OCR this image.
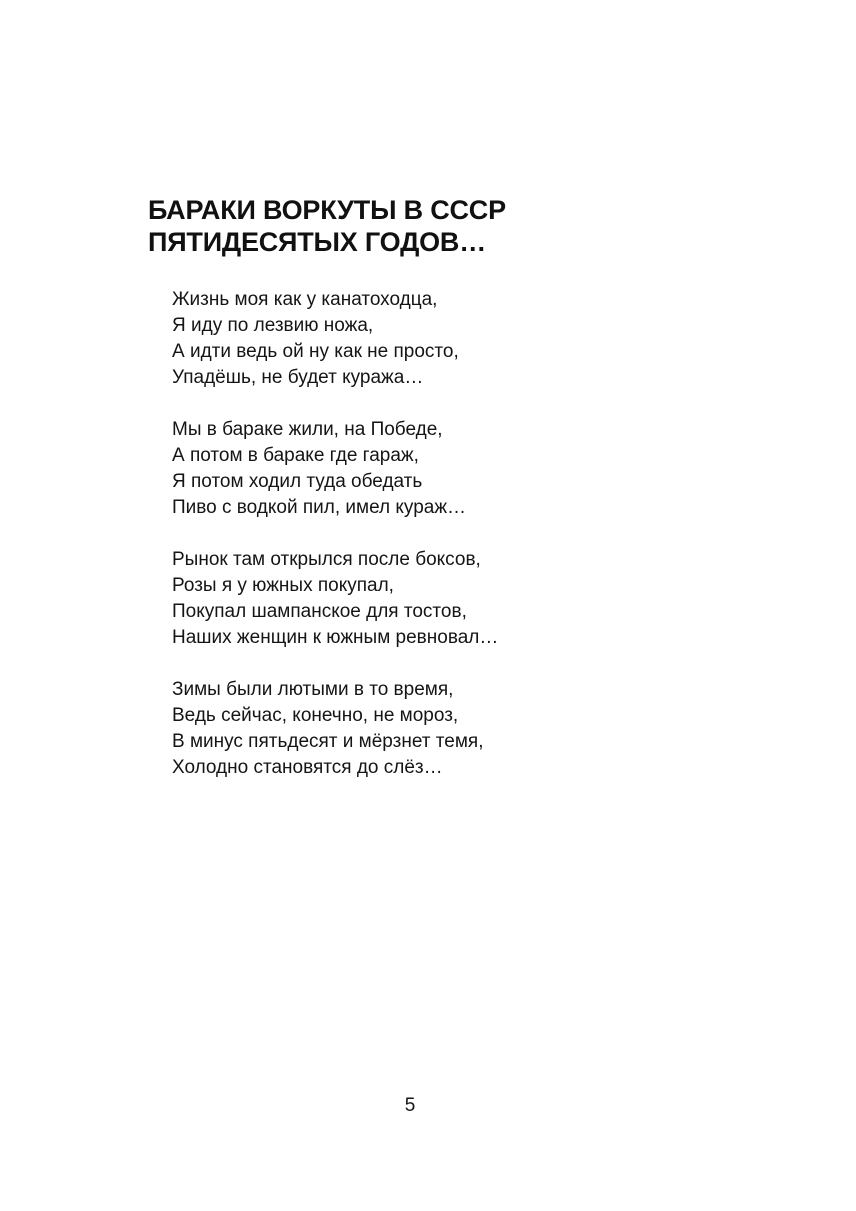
БАРАКИ ВОРКУТЫ В СССР
ПЯТИДЕСЯТЫХ ГОДОВ…
Жизнь моя как у канатоходца,
Я иду по лезвию ножа,
А идти ведь ой ну как не просто,
Упадёшь, не будет куража…
Мы в бараке жили, на Победе,
А потом в бараке где гараж,
Я потом ходил туда обедать
Пиво с водкой пил, имел кураж…
Рынок там открылся после боксов,
Розы я у южных покупал,
Покупал шампанское для тостов,
Наших женщин к южным ревновал…
Зимы были лютыми в то время,
Ведь сейчас, конечно, не мороз,
В минус пятьдесят и мёрзнет темя,
Холодно становятся до слёз…
5
